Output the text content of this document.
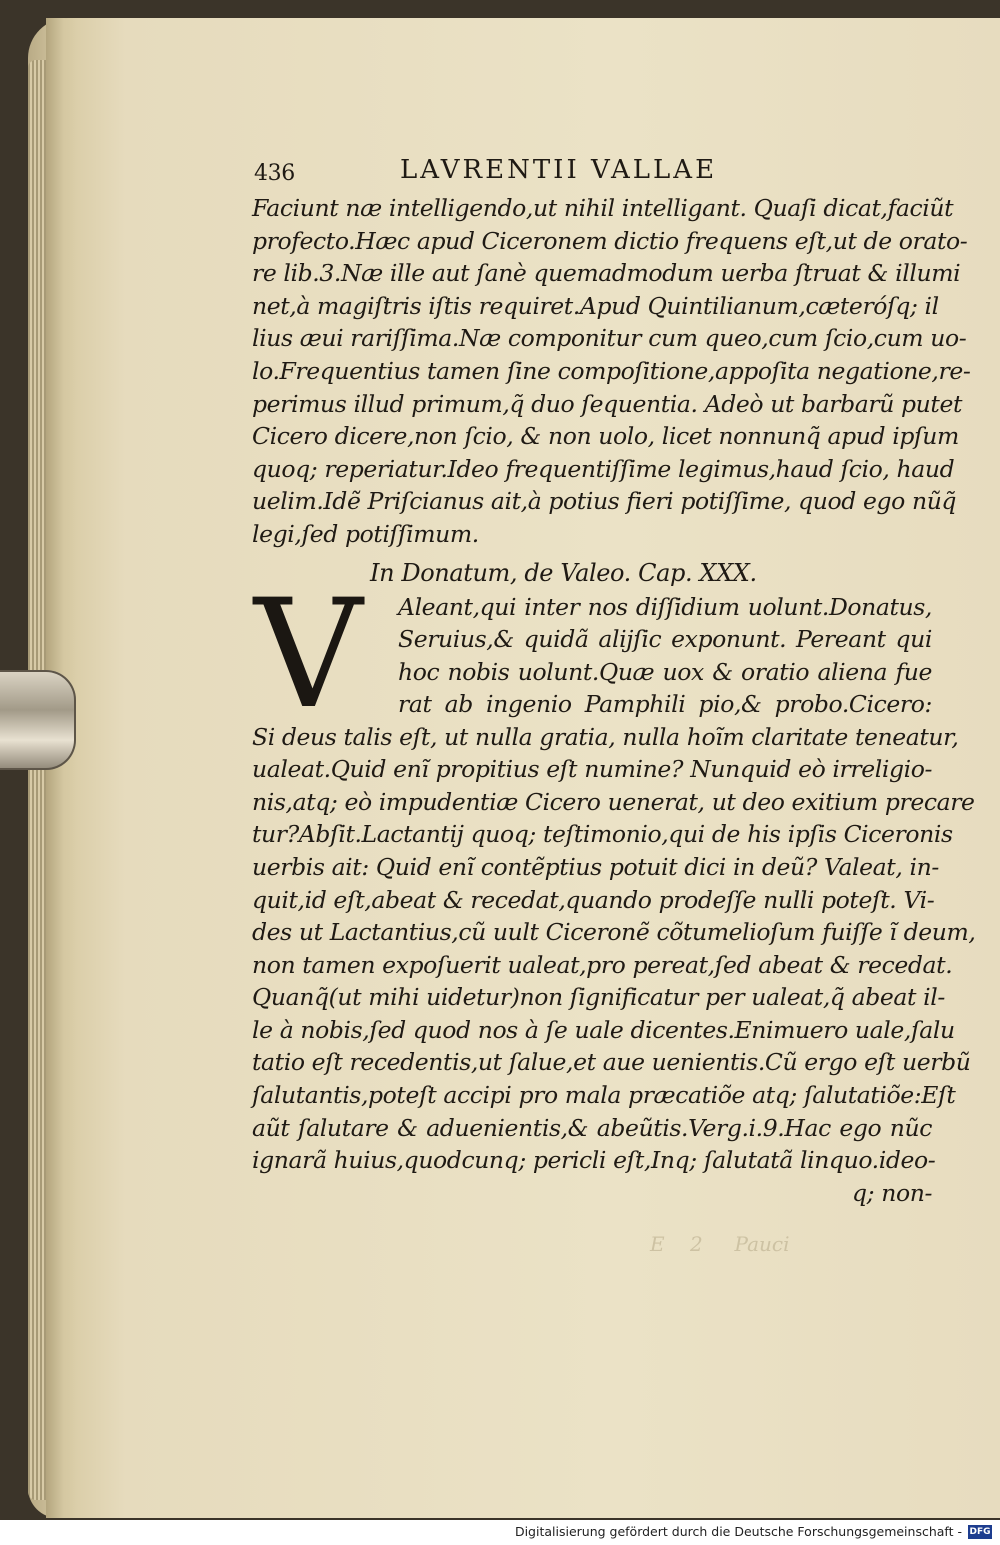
E    2     Pauci
436	LAVRENTII VALLAE
Faciunt næ intelligendo,ut nihil intelligant. Quaſi dicat,faciũt
profecto.Hæc apud Ciceronem dictio frequens eſt,ut de orato-
re lib.3.Næ ille aut ſanè quemadmodum uerba ſtruat & illumi
net,à magiſtris iſtis requiret.Apud Quintilianum,cæteróſq; il
lius æui rariſſima.Næ componitur cum queo,cum ſcio,cum uo-
lo.Frequentius tamen ſine compoſitione,appoſita negatione,re-
perimus illud primum,q̃ duo ſequentia. Adeò ut barbarũ putet
Cicero dicere,non ſcio, & non uolo, licet nonnunq̃ apud ipſum
quoq; reperiatur.Ideo frequentiſſime legimus,haud ſcio, haud
uelim.Idẽ Priſcianus ait,à potius fieri potiſſime, quod ego nũq̃
legi,ſed potiſſimum.
In Donatum, de Valeo. Cap. XXX.
V Aleant,qui inter nos diſſidium uolunt.Donatus,
Seruius,& quidã alijſic exponunt. Pereant qui
hoc nobis uolunt.Quæ uox & oratio aliena fue
rat ab ingenio Pamphili pio,& probo.Cicero:
Si deus talis eſt, ut nulla gratia, nulla hoĩm claritate teneatur,
ualeat.Quid enĩ propitius eſt numine? Nunquid eò irreligio-
nis,atq; eò impudentiæ Cicero uenerat, ut deo exitium precare
tur?Abſit.Lactantij quoq; teſtimonio,qui de his ipſis Ciceronis
uerbis ait: Quid enĩ contẽptius potuit dici in deũ? Valeat, in-
quit,id eſt,abeat & recedat,quando prodeſſe nulli poteſt. Vi-
des ut Lactantius,cũ uult Ciceronẽ cõtumelioſum fuiſſe ĩ deum,
non tamen expoſuerit ualeat,pro pereat,ſed abeat & recedat.
Quanq̃(ut mihi uidetur)non ſignificatur per ualeat,q̃ abeat il-
le à nobis,ſed quod nos à ſe uale dicentes.Enimuero uale,ſalu
tatio eſt recedentis,ut ſalue,et aue uenientis.Cũ ergo eſt uerbũ
ſalutantis,poteſt accipi pro mala præcatiõe atq; ſalutatiõe:Eſt
aũt ſalutare & aduenientis,& abeũtis.Verg.i.9.Hac ego nũc
ignarã huius,quodcunq; pericli eſt,Inq; ſalutatã linquo.ideo-
q; non-
Digitalisierung gefördert durch die Deutsche Forschungsgemeinschaft - DFG
